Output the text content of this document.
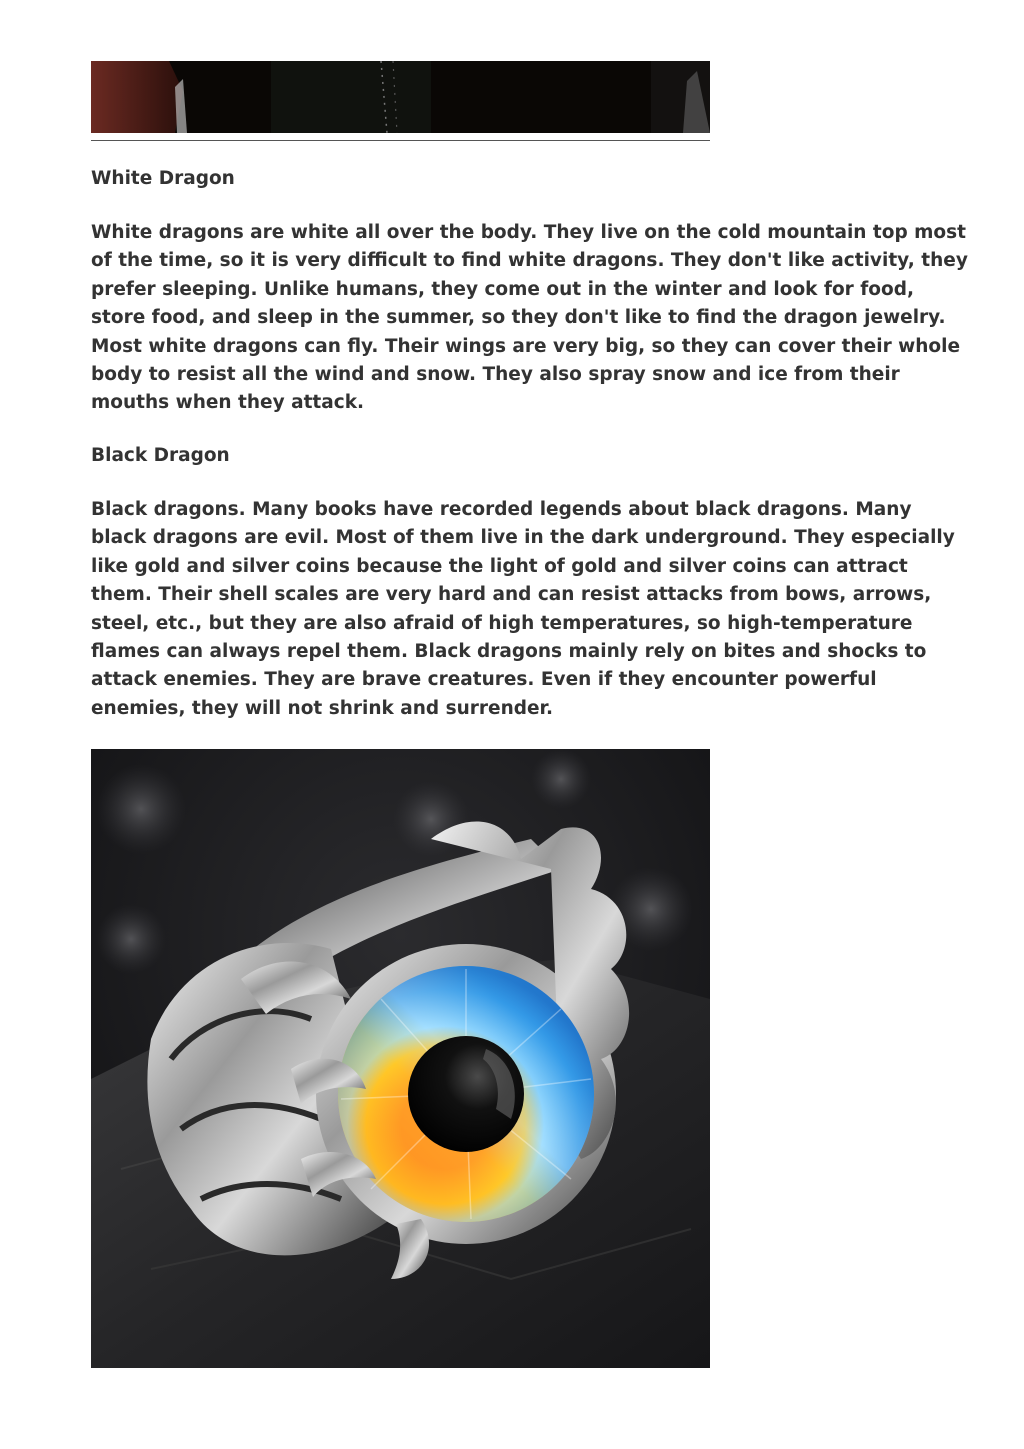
White Dragon

White dragons are white all over the body. They live on the cold mountain top most of the time, so it is very difficult to find white dragons. They don't like activity, they prefer sleeping. Unlike humans, they come out in the winter and look for food, store food, and sleep in the summer, so they don't like to find the dragon jewelry. Most white dragons can fly. Their wings are very big, so they can cover their whole body to resist all the wind and snow. They also spray snow and ice from their mouths when they attack.

Black Dragon

Black dragons. Many books have recorded legends about black dragons. Many black dragons are evil. Most of them live in the dark underground. They especially like gold and silver coins because the light of gold and silver coins can attract them. Their shell scales are very hard and can resist attacks from bows, arrows, steel, etc., but they are also afraid of high temperatures, so high-temperature flames can always repel them. Black dragons mainly rely on bites and shocks to attack enemies. They are brave creatures. Even if they encounter powerful enemies, they will not shrink and surrender.
